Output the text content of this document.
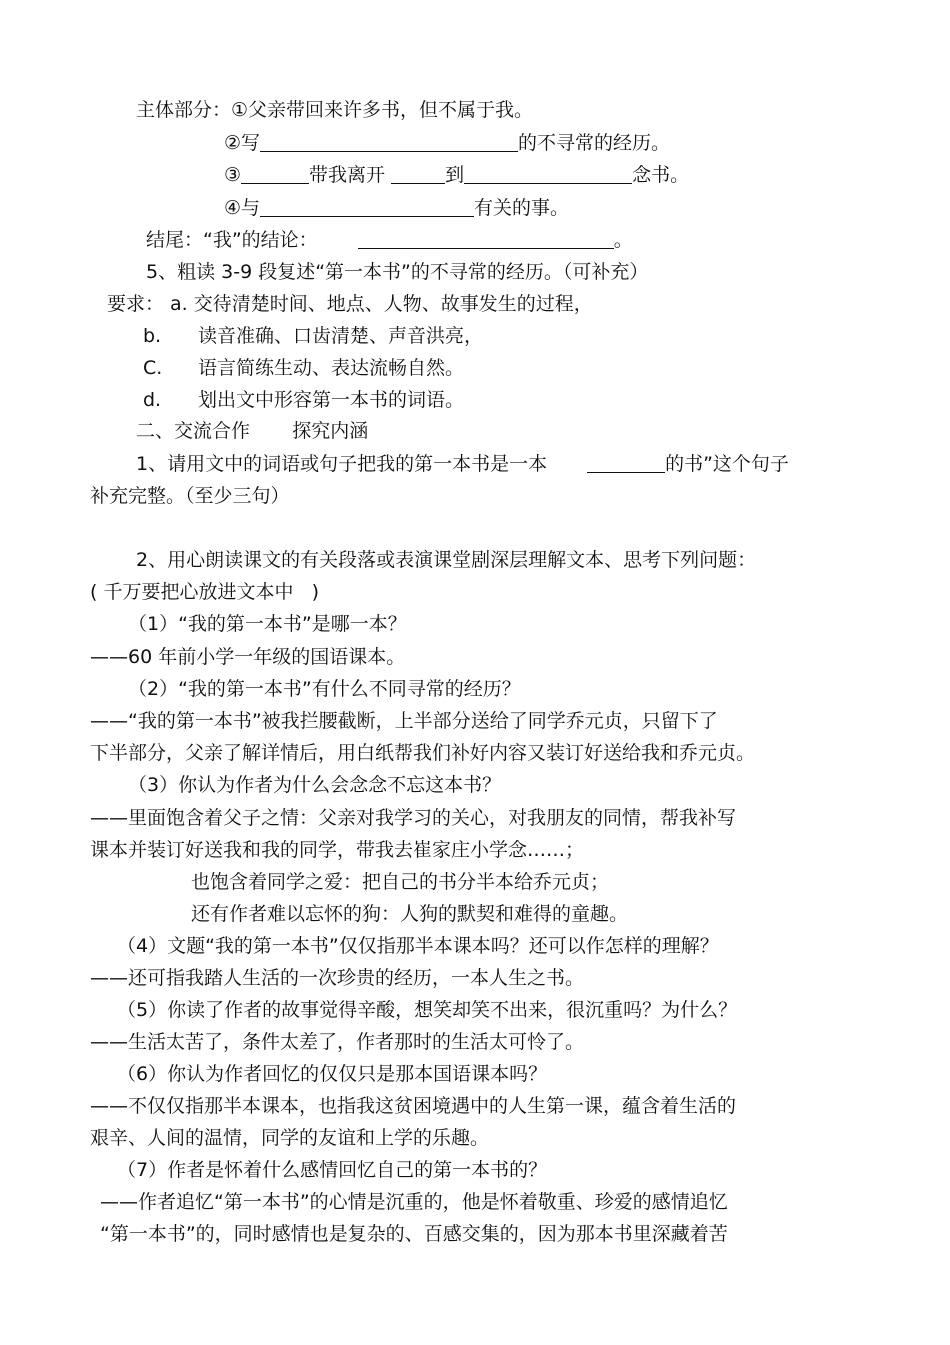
主体部分：①父亲带回来许多书，但不属于我。
②写	的不寻常的经历。
③	带我离开	到	念书。
④与	有关的事。
结尾：“我”的结论：	。
5、粗读 3-9 段复述“第一本书”的不寻常的经历。（可补充）
要求： a. 交待清楚时间、地点、人物、故事发生的过程，
b. 读音准确、口齿清楚、声音洪亮，
C. 语言简练生动、表达流畅自然。
d. 划出文中形容第一本书的词语。
二、交流合作       探究内涵
1、请用文中的词语或句子把我的第一本书是一本	的书”这个句子
补充完整。（至少三句）
2、用心朗读课文的有关段落或表演课堂剧深层理解文本、思考下列问题：
( 千万要把心放进文本中   )
（1）“我的第一本书”是哪一本？
——60 年前小学一年级的国语课本。
（2）“我的第一本书”有什么不同寻常的经历？
——“我的第一本书”被我拦腰截断，上半部分送给了同学乔元贞，只留下了
下半部分，父亲了解详情后，用白纸帮我们补好内容又装订好送给我和乔元贞。
（3）你认为作者为什么会念念不忘这本书？
——里面饱含着父子之情：父亲对我学习的关心，对我朋友的同情，帮我补写
课本并装订好送我和我的同学，带我去崔家庄小学念……；
也饱含着同学之爱：把自己的书分半本给乔元贞；
还有作者难以忘怀的狗：人狗的默契和难得的童趣。
（4）文题“我的第一本书”仅仅指那半本课本吗？还可以作怎样的理解？
——还可指我踏人生活的一次珍贵的经历，一本人生之书。
（5）你读了作者的故事觉得辛酸，想笑却笑不出来，很沉重吗？为什么？
——生活太苦了，条件太差了，作者那时的生活太可怜了。
（6）你认为作者回忆的仅仅只是那本国语课本吗？
——不仅仅指那半本课本，也指我这贫困境遇中的人生第一课，蕴含着生活的
艰辛、人间的温情，同学的友谊和上学的乐趣。
（7）作者是怀着什么感情回忆自己的第一本书的？
——作者追忆“第一本书”的心情是沉重的，他是怀着敬重、珍爱的感情追忆
“第一本书”的，同时感情也是复杂的、百感交集的，因为那本书里深藏着苦
